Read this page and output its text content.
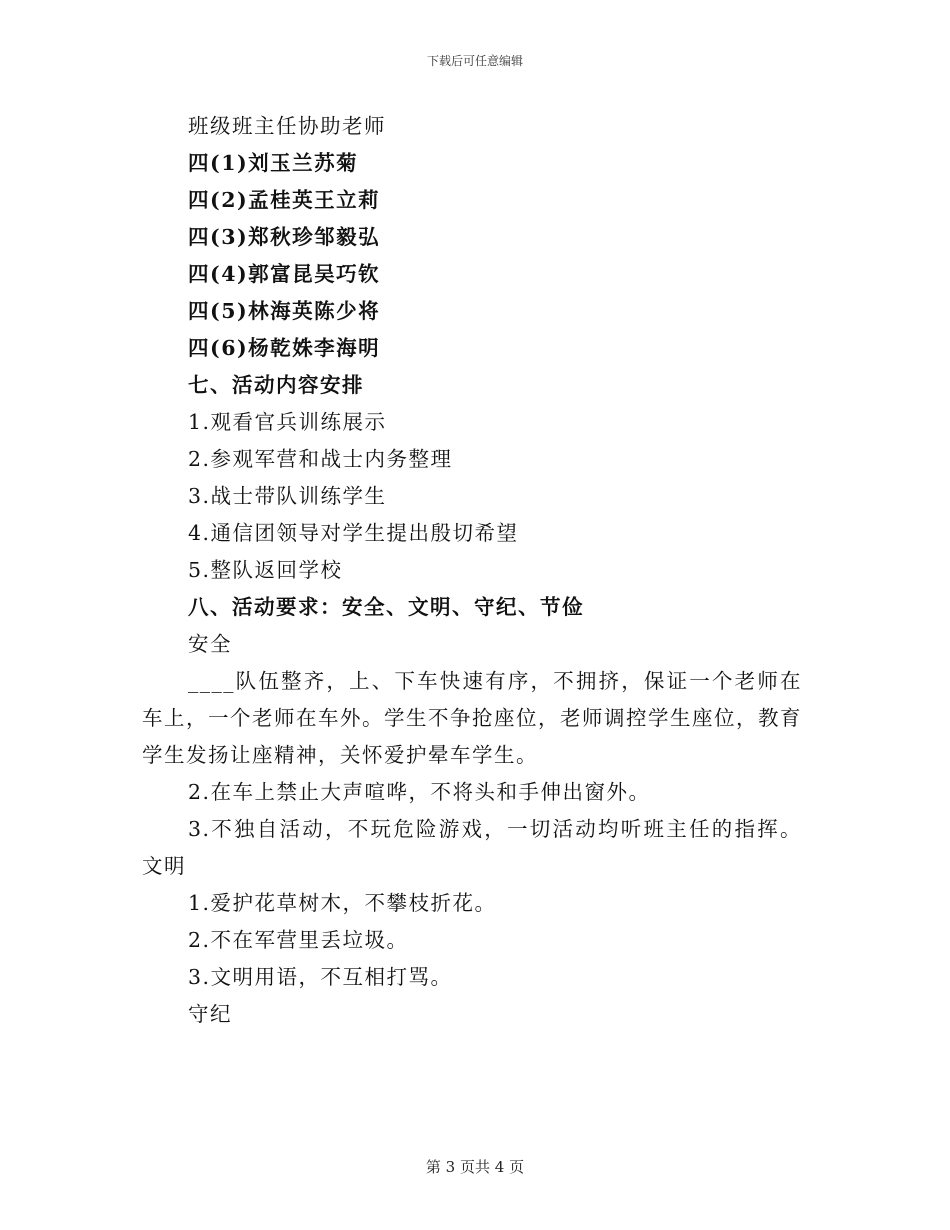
下载后可任意编辑
班级班主任协助老师
四(1)刘玉兰苏菊
四(2)孟桂英王立莉
四(3)郑秋珍邹毅弘
四(4)郭富昆吴巧钦
四(5)林海英陈少将
四(6)杨乾姝李海明
七、活动内容安排
1.观看官兵训练展示
2.参观军营和战士内务整理
3.战士带队训练学生
4.通信团领导对学生提出殷切希望
5.整队返回学校
八、活动要求：安全、文明、守纪、节俭
安全
____队伍整齐，上、下车快速有序，不拥挤，保证一个老师在车上，一个老师在车外。学生不争抢座位，老师调控学生座位，教育学生发扬让座精神，关怀爱护晕车学生。
2.在车上禁止大声喧哗，不将头和手伸出窗外。
3.不独自活动，不玩危险游戏，一切活动均听班主任的指挥。文明
1.爱护花草树木，不攀枝折花。
2.不在军营里丢垃圾。
3.文明用语，不互相打骂。
守纪
第 3 页共 4 页
